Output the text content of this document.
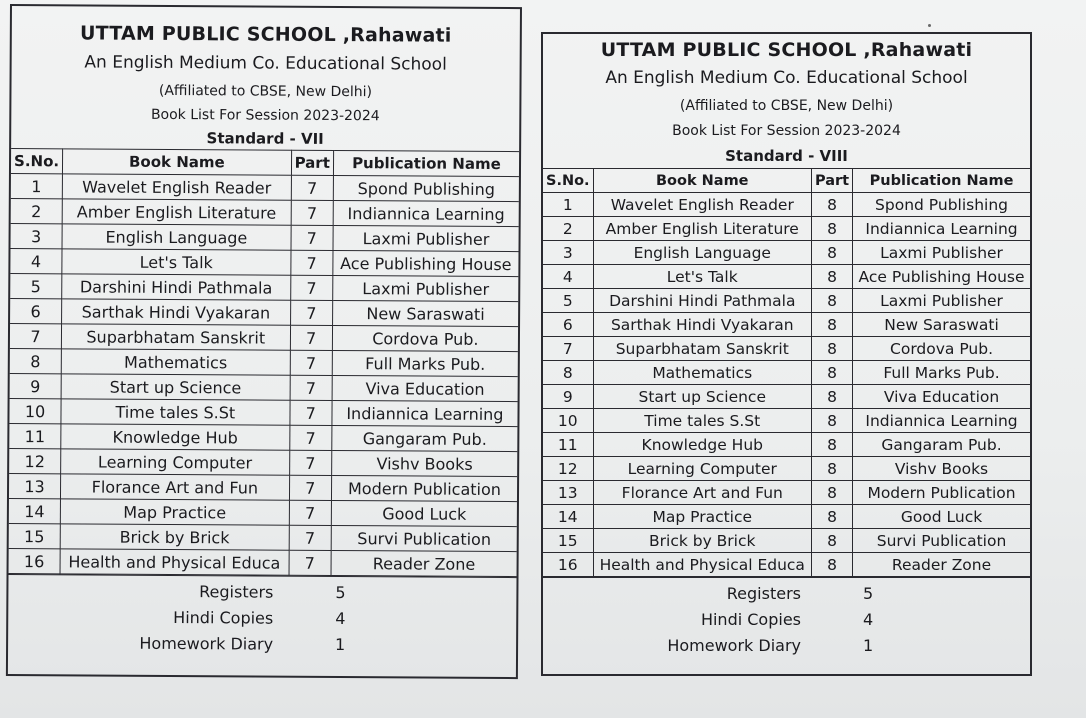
UTTAM PUBLIC SCHOOL ,Rahawati
An English Medium Co. Educational School
(Affiliated to CBSE, New Delhi)
Book List For Session 2023-2024
Standard - VII
S.No.	Book Name	Part	Publication Name
1	Wavelet English Reader	7	Spond Publishing
2	Amber English Literature	7	Indiannica Learning
3	English Language	7	Laxmi Publisher
4	Let's Talk	7	Ace Publishing House
5	Darshini Hindi Pathmala	7	Laxmi Publisher
6	Sarthak Hindi Vyakaran	7	New Saraswati
7	Suparbhatam Sanskrit	7	Cordova Pub.
8	Mathematics	7	Full Marks Pub.
9	Start up Science	7	Viva Education
10	Time tales S.St	7	Indiannica Learning
11	Knowledge Hub	7	Gangaram Pub.
12	Learning Computer	7	Vishv Books
13	Florance Art and Fun	7	Modern Publication
14	Map Practice	7	Good Luck
15	Brick by Brick	7	Survi Publication
16	Health and Physical Educa	7	Reader Zone
Registers	5
Hindi Copies	4
Homework Diary	1
UTTAM PUBLIC SCHOOL ,Rahawati
An English Medium Co. Educational School
(Affiliated to CBSE, New Delhi)
Book List For Session 2023-2024
Standard - VIII
S.No.	Book Name	Part	Publication Name
1	Wavelet English Reader	8	Spond Publishing
2	Amber English Literature	8	Indiannica Learning
3	English Language	8	Laxmi Publisher
4	Let's Talk	8	Ace Publishing House
5	Darshini Hindi Pathmala	8	Laxmi Publisher
6	Sarthak Hindi Vyakaran	8	New Saraswati
7	Suparbhatam Sanskrit	8	Cordova Pub.
8	Mathematics	8	Full Marks Pub.
9	Start up Science	8	Viva Education
10	Time tales S.St	8	Indiannica Learning
11	Knowledge Hub	8	Gangaram Pub.
12	Learning Computer	8	Vishv Books
13	Florance Art and Fun	8	Modern Publication
14	Map Practice	8	Good Luck
15	Brick by Brick	8	Survi Publication
16	Health and Physical Educa	8	Reader Zone
Registers	5
Hindi Copies	4
Homework Diary	1
